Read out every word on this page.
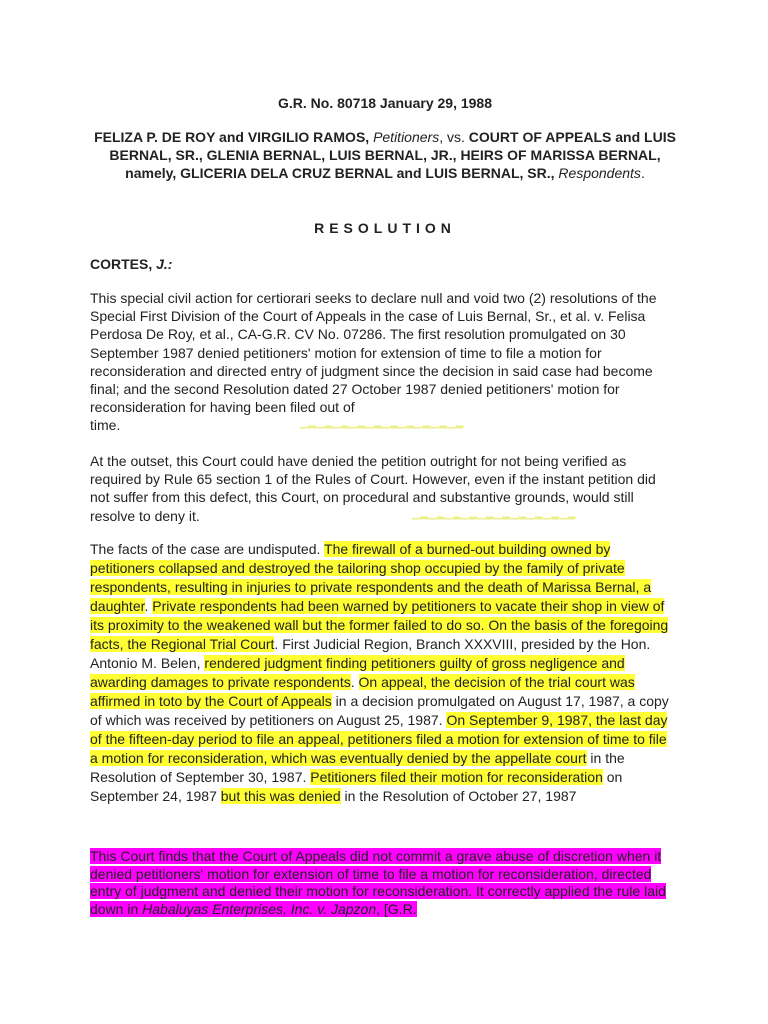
G.R. No. 80718 January 29, 1988
FELIZA P. DE ROY and VIRGILIO RAMOS, Petitioners, vs. COURT OF APPEALS and LUIS BERNAL, SR., GLENIA BERNAL, LUIS BERNAL, JR., HEIRS OF MARISSA BERNAL, namely, GLICERIA DELA CRUZ BERNAL and LUIS BERNAL, SR., Respondents.
RESOLUTION
CORTES, J.:

This special civil action for certiorari seeks to declare null and void two (2) resolutions of the Special First Division of the Court of Appeals in the case of Luis Bernal, Sr., et al. v. Felisa Perdosa De Roy, et al., CA-G.R. CV No. 07286. The first resolution promulgated on 30 September 1987 denied petitioners' motion for extension of time to file a motion for reconsideration and directed entry of judgment since the decision in said case had become final; and the second Resolution dated 27 October 1987 denied petitioners' motion for reconsideration for having been filed out of
time.	▁▂▁▂▁▂▁▂▁▂▁▂▁▂▁▂▁▂▁▂

At the outset, this Court could have denied the petition outright for not being verified as required by Rule 65 section 1 of the Rules of Court. However, even if the instant petition did not suffer from this defect, this Court, on procedural and substantive grounds, would still resolve to deny it.	▁▂▁▂▁▂▁▂▁▂▁▂▁▂▁▂▁▂▁▂

The facts of the case are undisputed. The firewall of a burned-out building owned by petitioners collapsed and destroyed the tailoring shop occupied by the family of private respondents, resulting in injuries to private respondents and the death of Marissa Bernal, a daughter. Private respondents had been warned by petitioners to vacate their shop in view of its proximity to the weakened wall but the former failed to do so. On the basis of the foregoing facts, the Regional Trial Court. First Judicial Region, Branch XXXVIII, presided by the Hon. Antonio M. Belen, rendered judgment finding petitioners guilty of gross negligence and awarding damages to private respondents. On appeal, the decision of the trial court was affirmed in toto by the Court of Appeals in a decision promulgated on August 17, 1987, a copy of which was received by petitioners on August 25, 1987. On September 9, 1987, the last day of the fifteen-day period to file an appeal, petitioners filed a motion for extension of time to file a motion for reconsideration, which was eventually denied by the appellate court in the Resolution of September 30, 1987. Petitioners filed their motion for reconsideration on September 24, 1987 but this was denied in the Resolution of October 27, 1987

This Court finds that the Court of Appeals did not commit a grave abuse of discretion when it denied petitioners' motion for extension of time to file a motion for reconsideration, directed entry of judgment and denied their motion for reconsideration. It correctly applied the rule laid down in Habaluyas Enterprises, Inc. v. Japzon, [G.R.
